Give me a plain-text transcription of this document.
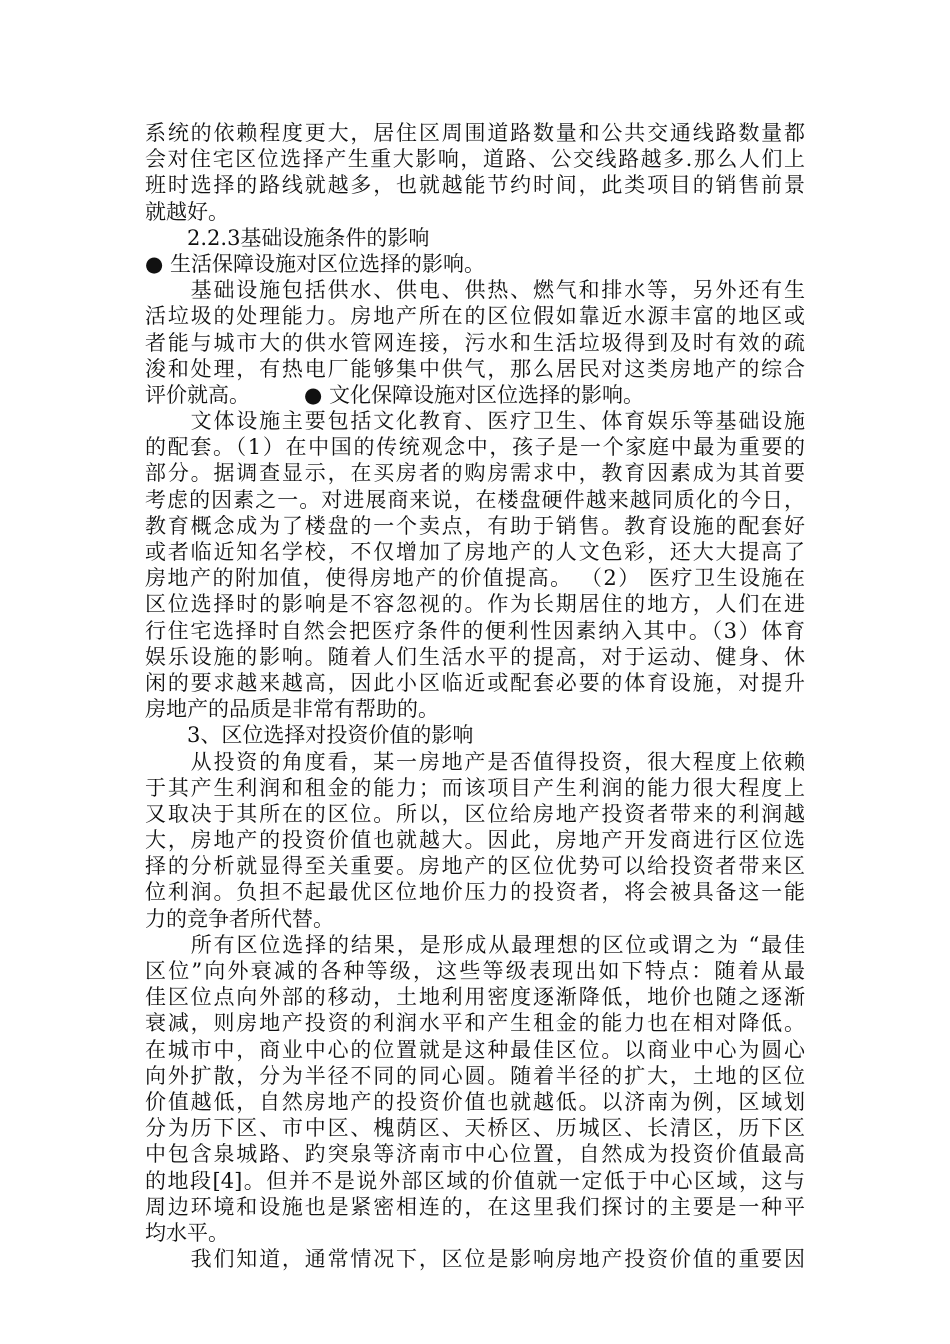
系统的依赖程度更大，居住区周围道路数量和公共交通线路数量都
会对住宅区位选择产生重大影响，道路、公交线路越多.那么人们上
班时选择的路线就越多，也就越能节约时间，此类项目的销售前景
就越好。
　　2.2.3基础设施条件的影响
● 生活保障设施对区位选择的影响。
　　基础设施包括供水、供电、供热、燃气和排水等，另外还有生
活垃圾的处理能力。房地产所在的区位假如靠近水源丰富的地区或
者能与城市大的供水管网连接，污水和生活垃圾得到及时有效的疏
浚和处理，有热电厂能够集中供气，那么居民对这类房地产的综合
评价就高。	● 文化保障设施对区位选择的影响。
　　文体设施主要包括文化教育、医疗卫生、体育娱乐等基础设施
的配套。（1）在中国的传统观念中，孩子是一个家庭中最为重要的
部分。据调查显示，在买房者的购房需求中，教育因素成为其首要
考虑的因素之一。对进展商来说，在楼盘硬件越来越同质化的今日，
教育概念成为了楼盘的一个卖点，有助于销售。教育设施的配套好
或者临近知名学校，不仅增加了房地产的人文色彩，还大大提高了
房地产的附加值，使得房地产的价值提高。 （2） 医疗卫生设施在
区位选择时的影响是不容忽视的。作为长期居住的地方，人们在进
行住宅选择时自然会把医疗条件的便利性因素纳入其中。（3）体育
娱乐设施的影响。随着人们生活水平的提高，对于运动、健身、休
闲的要求越来越高，因此小区临近或配套必要的体育设施，对提升
房地产的品质是非常有帮助的。
　　3、区位选择对投资价值的影响
　　从投资的角度看，某一房地产是否值得投资，很大程度上依赖
于其产生利润和租金的能力；而该项目产生利润的能力很大程度上
又取决于其所在的区位。所以，区位给房地产投资者带来的利润越
大，房地产的投资价值也就越大。因此，房地产开发商进行区位选
择的分析就显得至关重要。房地产的区位优势可以给投资者带来区
位利润。负担不起最优区位地价压力的投资者，将会被具备这一能
力的竞争者所代替。
　　所有区位选择的结果，是形成从最理想的区位或谓之为 “最佳
区位”向外衰减的各种等级，这些等级表现出如下特点：随着从最
佳区位点向外部的移动，土地利用密度逐渐降低，地价也随之逐渐
衰减，则房地产投资的利润水平和产生租金的能力也在相对降低。
在城市中，商业中心的位置就是这种最佳区位。以商业中心为圆心
向外扩散，分为半径不同的同心圆。随着半径的扩大，土地的区位
价值越低，自然房地产的投资价值也就越低。以济南为例，区域划
分为历下区、市中区、槐荫区、天桥区、历城区、长清区，历下区
中包含泉城路、趵突泉等济南市中心位置，自然成为投资价值最高
的地段[4]。但并不是说外部区域的价值就一定低于中心区域，这与
周边环境和设施也是紧密相连的，在这里我们探讨的主要是一种平
均水平。
　　我们知道，通常情况下，区位是影响房地产投资价值的重要因
